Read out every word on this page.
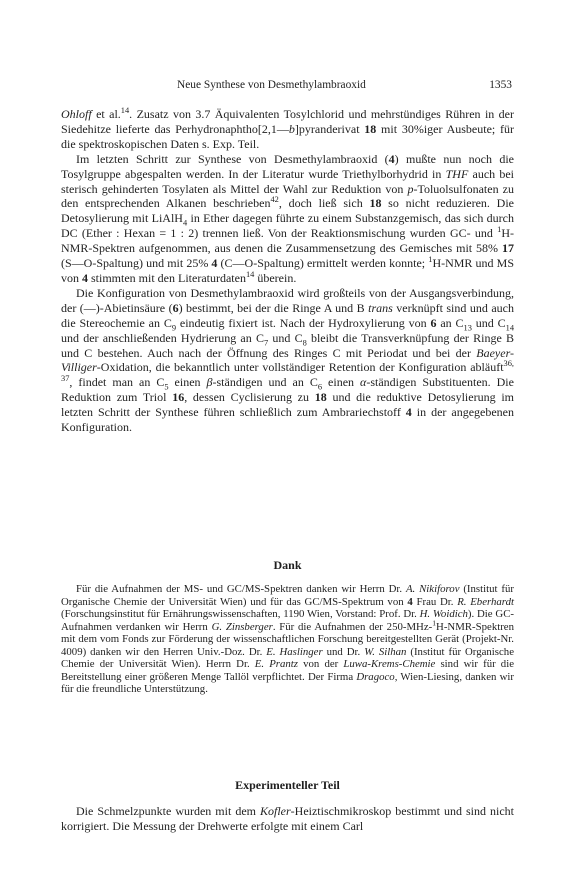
Neue Synthese von Desmethylambraoxid	1353

Ohloff et al.$^{14}$. Zusatz von 3.7 Äquivalenten Tosylchlorid und mehrstündiges Rühren in der Siedehitze lieferte das Perhydronaphtho[2,1—b]pyranderivat 18 mit 30%iger Ausbeute; für die spektroskopischen Daten s. Exp. Teil.

Im letzten Schritt zur Synthese von Desmethylambraoxid (4) mußte nun noch die Tosylgruppe abgespalten werden. In der Literatur wurde Triethylborhydrid in THF auch bei sterisch gehinderten Tosylaten als Mittel der Wahl zur Reduktion von p-Toluolsulfonaten zu den entsprechenden Alkanen beschrieben$^{42}$, doch ließ sich 18 so nicht reduzieren. Die Detosylierung mit LiAlH$_4$ in Ether dagegen führte zu einem Substanzgemisch, das sich durch DC (Ether : Hexan = 1 : 2) trennen ließ. Von der Reaktionsmischung wurden GC- und $^1$H-NMR-Spektren aufgenommen, aus denen die Zusammensetzung des Gemisches mit 58% 17 (S—O-Spaltung) und mit 25% 4 (C—O-Spaltung) ermittelt werden konnte; $^1$H-NMR und MS von 4 stimmten mit den Literaturdaten$^{14}$ überein.

Die Konfiguration von Desmethylambraoxid wird großteils von der Ausgangsverbindung, der (—)-Abietinsäure (6) bestimmt, bei der die Ringe A und B trans verknüpft sind und auch die Stereochemie an $C_9$ eindeutig fixiert ist. Nach der Hydroxylierung von 6 an $C_{13}$ und $C_{14}$ und der anschließenden Hydrierung an $C_7$ und $C_8$ bleibt die Transverknüpfung der Ringe B und C bestehen. Auch nach der Öffnung des Ringes C mit Periodat und bei der Baeyer-Villiger-Oxidation, die bekanntlich unter vollständiger Retention der Konfiguration abläuft$^{36, 37}$, findet man an $C_5$ einen β-ständigen und an $C_6$ einen α-ständigen Substituenten. Die Reduktion zum Triol 16, dessen Cyclisierung zu 18 und die reduktive Detosylierung im letzten Schritt der Synthese führen schließlich zum Ambrariechstoff 4 in der angegebenen Konfiguration.

Dank

Für die Aufnahmen der MS- und GC/MS-Spektren danken wir Herrn Dr. A. Nikiforov (Institut für Organische Chemie der Universität Wien) und für das GC/MS-Spektrum von 4 Frau Dr. R. Eberhardt (Forschungsinstitut für Ernährungswissenschaften, 1190 Wien, Vorstand: Prof. Dr. H. Woidich). Die GC-Aufnahmen verdanken wir Herrn G. Zinsberger. Für die Aufnahmen der 250-MHz-$^1$H-NMR-Spektren mit dem vom Fonds zur Förderung der wissenschaftlichen Forschung bereitgestellten Gerät (Projekt-Nr. 4009) danken wir den Herren Univ.-Doz. Dr. E. Haslinger und Dr. W. Silhan (Institut für Organische Chemie der Universität Wien). Herrn Dr. E. Prantz von der Luwa-Krems-Chemie sind wir für die Bereitstellung einer größeren Menge Tallöl verpflichtet. Der Firma Dragoco, Wien-Liesing, danken wir für die freundliche Unterstützung.

Experimenteller Teil

Die Schmelzpunkte wurden mit dem Kofler-Heiztischmikroskop bestimmt und sind nicht korrigiert. Die Messung der Drehwerte erfolgte mit einem Carl
